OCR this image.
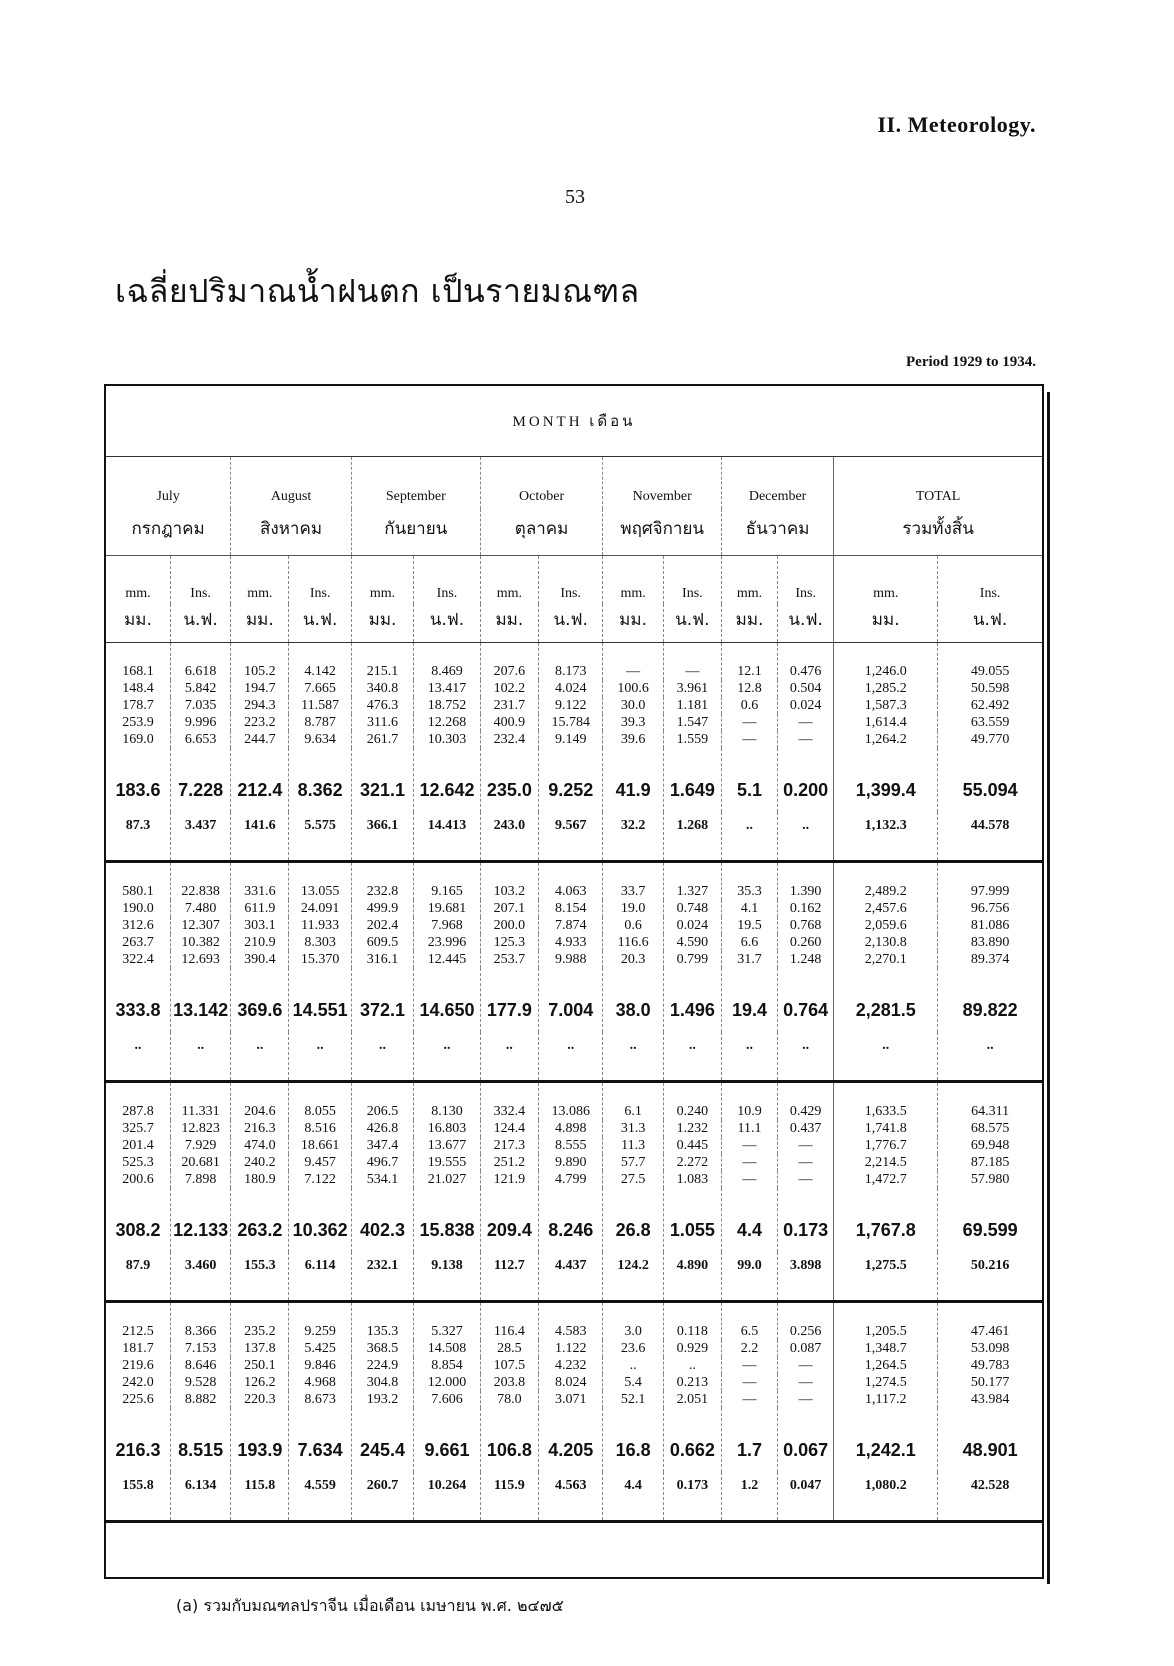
II. Meteorology.
53
เฉลี่ยปริมาณน้ำฝนตก เป็นรายมณฑล
Period 1929 to 1934.
MONTH เดือน													
July		August		September		October		November		December		TOTAL	
กรกฎาคม		สิงหาคม		กันยายน		ตุลาคม		พฤศจิกายน		ธันวาคม		รวมทั้งสิ้น	
mm.	Ins.	mm.	Ins.	mm.	Ins.	mm.	Ins.	mm.	Ins.	mm.	Ins.	mm.	Ins.
มม.	น.ฟ.	มม.	น.ฟ.	มม.	น.ฟ.	มม.	น.ฟ.	มม.	น.ฟ.	มม.	น.ฟ.	มม.	น.ฟ.
168.1	6.618	105.2	4.142	215.1	8.469	207.6	8.173	—	—	12.1	0.476	1,246.0	49.055
148.4	5.842	194.7	7.665	340.8	13.417	102.2	4.024	100.6	3.961	12.8	0.504	1,285.2	50.598
178.7	7.035	294.3	11.587	476.3	18.752	231.7	9.122	30.0	1.181	0.6	0.024	1,587.3	62.492
253.9	9.996	223.2	8.787	311.6	12.268	400.9	15.784	39.3	1.547	—	—	1,614.4	63.559
169.0	6.653	244.7	9.634	261.7	10.303	232.4	9.149	39.6	1.559	—	—	1,264.2	49.770
183.6	7.228	212.4	8.362	321.1	12.642	235.0	9.252	41.9	1.649	5.1	0.200	1,399.4	55.094
87.3	3.437	141.6	5.575	366.1	14.413	243.0	9.567	32.2	1.268	..	..	1,132.3	44.578
580.1	22.838	331.6	13.055	232.8	9.165	103.2	4.063	33.7	1.327	35.3	1.390	2,489.2	97.999
190.0	7.480	611.9	24.091	499.9	19.681	207.1	8.154	19.0	0.748	4.1	0.162	2,457.6	96.756
312.6	12.307	303.1	11.933	202.4	7.968	200.0	7.874	0.6	0.024	19.5	0.768	2,059.6	81.086
263.7	10.382	210.9	8.303	609.5	23.996	125.3	4.933	116.6	4.590	6.6	0.260	2,130.8	83.890
322.4	12.693	390.4	15.370	316.1	12.445	253.7	9.988	20.3	0.799	31.7	1.248	2,270.1	89.374
333.8	13.142	369.6	14.551	372.1	14.650	177.9	7.004	38.0	1.496	19.4	0.764	2,281.5	89.822
..	..	..	..	..	..	..	..	..	..	..	..	..	..
287.8	11.331	204.6	8.055	206.5	8.130	332.4	13.086	6.1	0.240	10.9	0.429	1,633.5	64.311
325.7	12.823	216.3	8.516	426.8	16.803	124.4	4.898	31.3	1.232	11.1	0.437	1,741.8	68.575
201.4	7.929	474.0	18.661	347.4	13.677	217.3	8.555	11.3	0.445	—	—	1,776.7	69.948
525.3	20.681	240.2	9.457	496.7	19.555	251.2	9.890	57.7	2.272	—	—	2,214.5	87.185
200.6	7.898	180.9	7.122	534.1	21.027	121.9	4.799	27.5	1.083	—	—	1,472.7	57.980
308.2	12.133	263.2	10.362	402.3	15.838	209.4	8.246	26.8	1.055	4.4	0.173	1,767.8	69.599
87.9	3.460	155.3	6.114	232.1	9.138	112.7	4.437	124.2	4.890	99.0	3.898	1,275.5	50.216
212.5	8.366	235.2	9.259	135.3	5.327	116.4	4.583	3.0	0.118	6.5	0.256	1,205.5	47.461
181.7	7.153	137.8	5.425	368.5	14.508	28.5	1.122	23.6	0.929	2.2	0.087	1,348.7	53.098
219.6	8.646	250.1	9.846	224.9	8.854	107.5	4.232	..	..	—	—	1,264.5	49.783
242.0	9.528	126.2	4.968	304.8	12.000	203.8	8.024	5.4	0.213	—	—	1,274.5	50.177
225.6	8.882	220.3	8.673	193.2	7.606	78.0	3.071	52.1	2.051	—	—	1,117.2	43.984
216.3	8.515	193.9	7.634	245.4	9.661	106.8	4.205	16.8	0.662	1.7	0.067	1,242.1	48.901
155.8	6.134	115.8	4.559	260.7	10.264	115.9	4.563	4.4	0.173	1.2	0.047	1,080.2	42.528
(a) รวมกับมณฑลปราจีน เมื่อเดือน เมษายน พ.ศ. ๒๔๗๕
